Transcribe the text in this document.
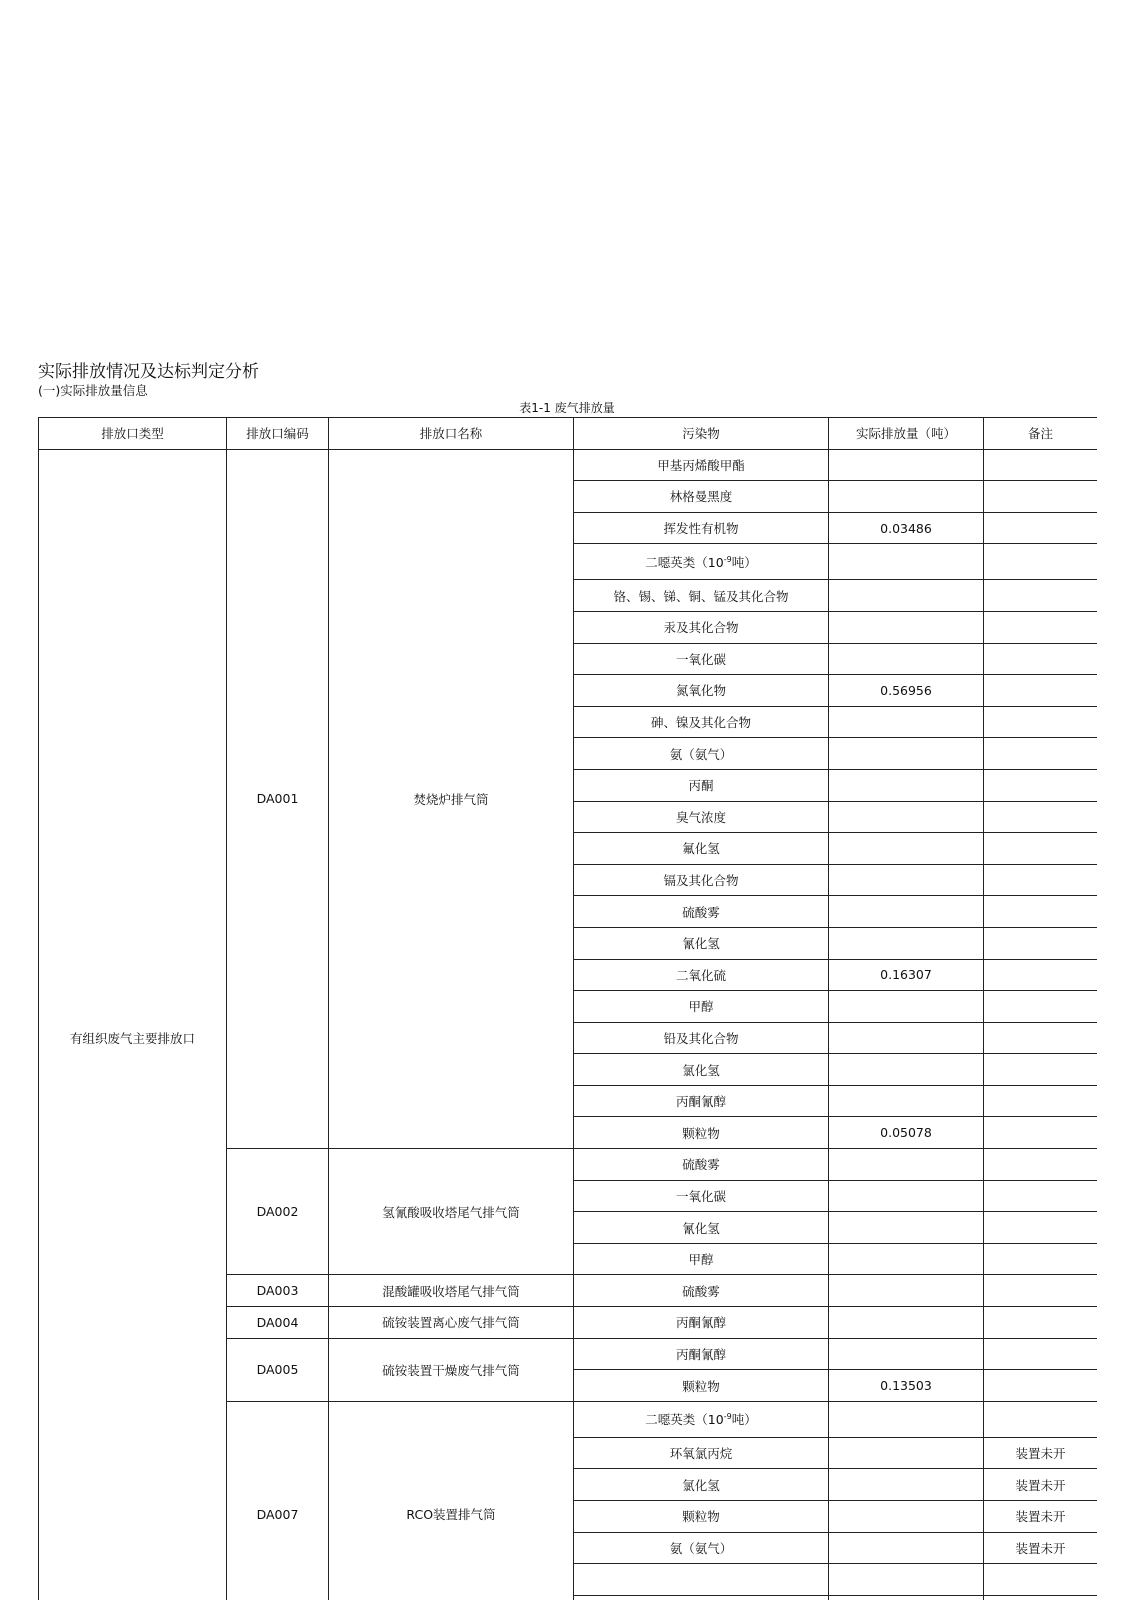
实际排放情况及达标判定分析
(一)实际排放量信息
表1-1 废气排放量
排放口类型	排放口编码	排放口名称	污染物	实际排放量（吨）	备注
有组织废气主要排放口	DA001	焚烧炉排气筒	甲基丙烯酸甲酯		
			林格曼黑度		
			挥发性有机物	0.03486	
			二噁英类（$10^{-9}$吨）		
			铬、锡、锑、铜、锰及其化合物		
			汞及其化合物		
			一氧化碳		
			氮氧化物	0.56956	
			砷、镍及其化合物		
			氨（氨气）		
			丙酮		
			臭气浓度		
			氟化氢		
			镉及其化合物		
			硫酸雾		
			氰化氢		
			二氧化硫	0.16307	
			甲醇		
			铅及其化合物		
			氯化氢		
			丙酮氰醇		
			颗粒物	0.05078	
	DA002	氢氰酸吸收塔尾气排气筒	硫酸雾		
			一氧化碳		
			氰化氢		
			甲醇		
	DA003	混酸罐吸收塔尾气排气筒	硫酸雾		
	DA004	硫铵装置离心废气排气筒	丙酮氰醇		
	DA005	硫铵装置干燥废气排气筒	丙酮氰醇		
			颗粒物	0.13503	
	DA007	RCO装置排气筒	二噁英类（$10^{-9}$吨）		
			环氧氯丙烷		装置未开
			氯化氢		装置未开
			颗粒物		装置未开
			氨（氨气）		装置未开
